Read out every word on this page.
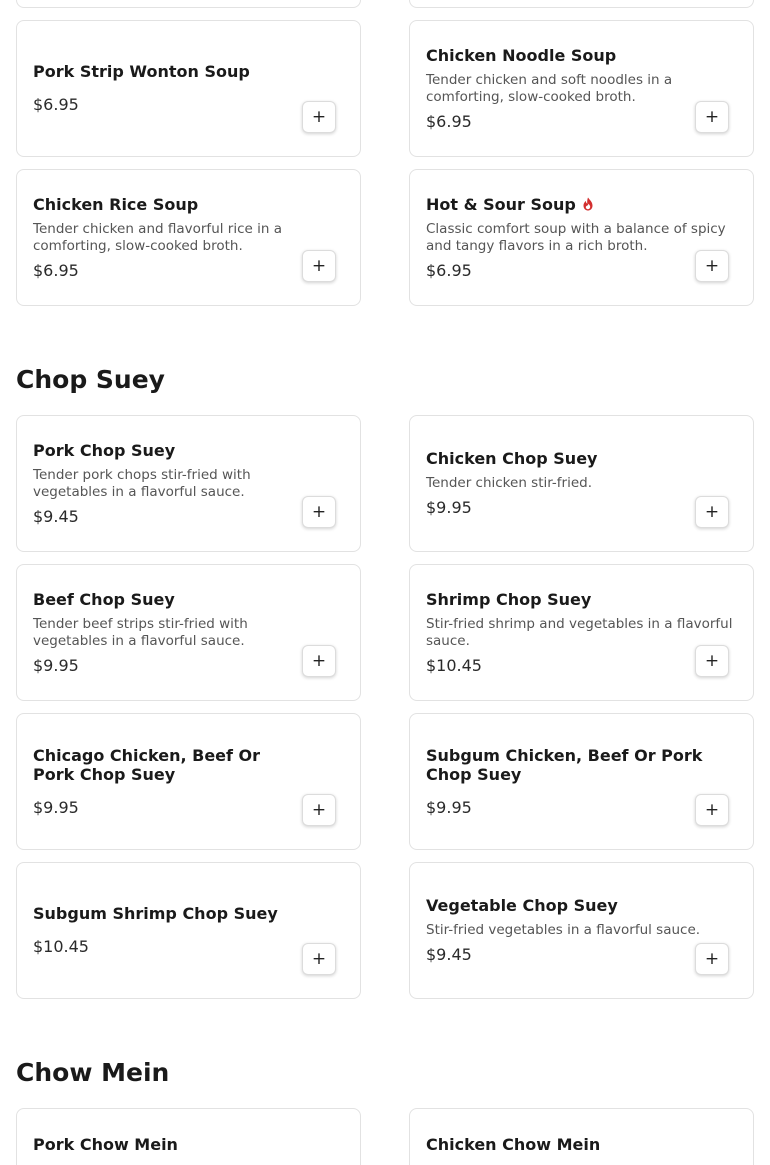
Pork Strip Wonton Soup
$6.95
+
Chicken Noodle Soup
Tender chicken and soft noodles in a comforting, slow-cooked broth.
$6.95	+
Chicken Rice Soup
Tender chicken and flavorful rice in a comforting, slow-cooked broth.
$6.95	+
Hot & Sour Soup
Classic comfort soup with a balance of spicy and tangy flavors in a rich broth.
$6.95	+
Chop Suey
Pork Chop Suey
Tender pork chops stir-fried with vegetables in a flavorful sauce.
$9.45	+
Chicken Chop Suey
Tender chicken stir-fried.
$9.95	+
Beef Chop Suey
Tender beef strips stir-fried with vegetables in a flavorful sauce.
$9.95	+
Shrimp Chop Suey
Stir-fried shrimp and vegetables in a flavorful sauce.
$10.45	+
Chicago Chicken, Beef Or Pork Chop Suey
$9.95	+
Subgum Chicken, Beef Or Pork Chop Suey
$9.95	+
Subgum Shrimp Chop Suey
$10.45
+
Vegetable Chop Suey
Stir-fried vegetables in a flavorful sauce.
$9.45	+
Chow Mein
Pork Chow Mein	Chicken Chow Mein
